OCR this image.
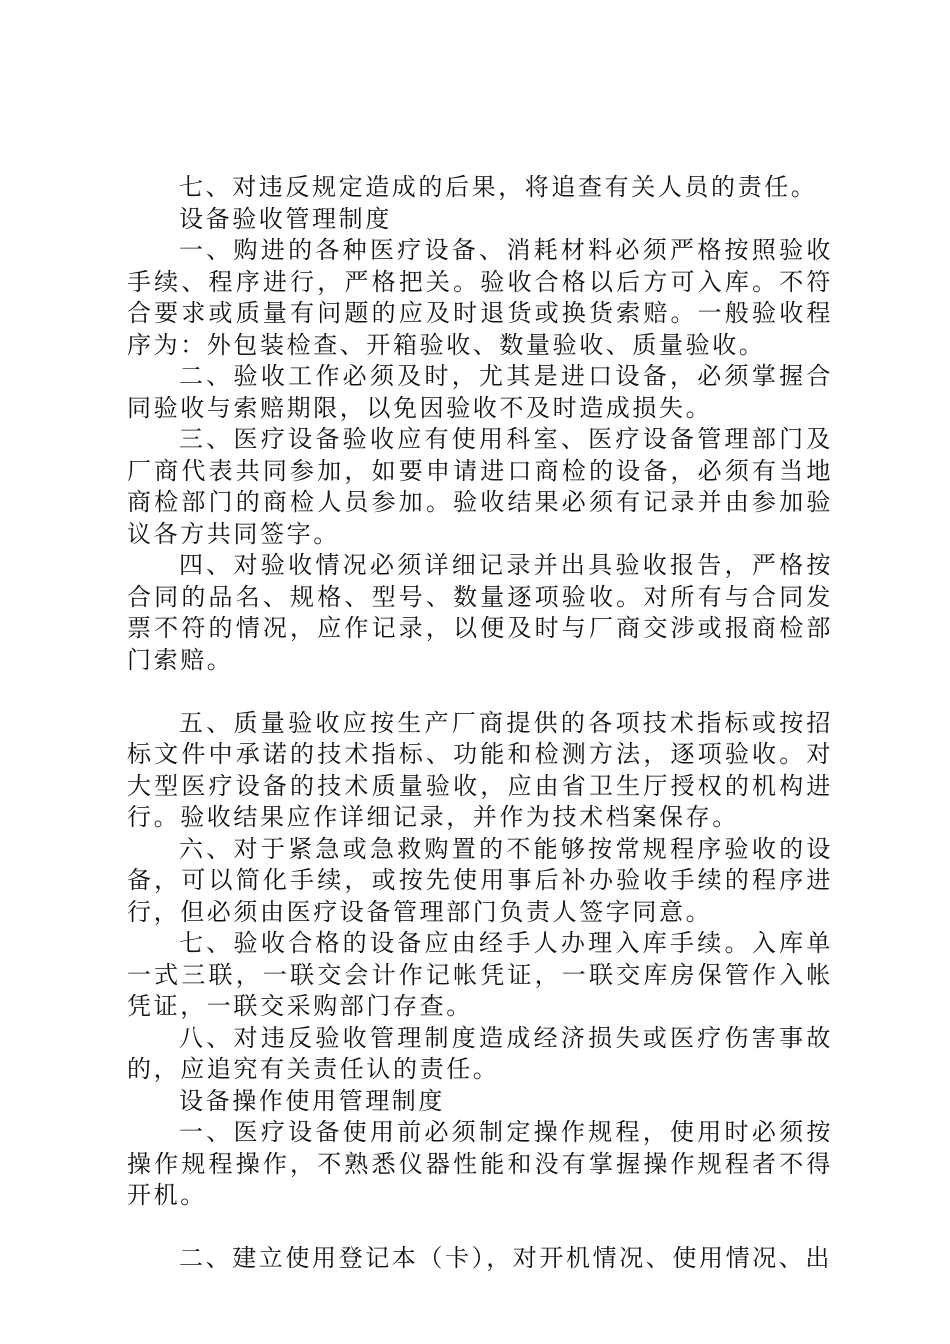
七、对违反规定造成的后果，将追查有关人员的责任。

设备验收管理制度

一、购进的各种医疗设备、消耗材料必须严格按照验收手续、程序进行，严格把关。验收合格以后方可入库。不符合要求或质量有问题的应及时退货或换货索赔。一般验收程序为：外包装检查、开箱验收、数量验收、质量验收。

二、验收工作必须及时，尤其是进口设备，必须掌握合同验收与索赔期限，以免因验收不及时造成损失。

三、医疗设备验收应有使用科室、医疗设备管理部门及厂商代表共同参加，如要申请进口商检的设备，必须有当地商检部门的商检人员参加。验收结果必须有记录并由参加验议各方共同签字。

四、对验收情况必须详细记录并出具验收报告，严格按合同的品名、规格、型号、数量逐项验收。对所有与合同发票不符的情况，应作记录，以便及时与厂商交涉或报商检部门索赔。

五、质量验收应按生产厂商提供的各项技术指标或按招标文件中承诺的技术指标、功能和检测方法，逐项验收。对大型医疗设备的技术质量验收，应由省卫生厅授权的机构进行。验收结果应作详细记录，并作为技术档案保存。

六、对于紧急或急救购置的不能够按常规程序验收的设备，可以简化手续，或按先使用事后补办验收手续的程序进行，但必须由医疗设备管理部门负责人签字同意。

七、验收合格的设备应由经手人办理入库手续。入库单一式三联，一联交会计作记帐凭证，一联交库房保管作入帐凭证，一联交采购部门存查。

八、对违反验收管理制度造成经济损失或医疗伤害事故的，应追究有关责任认的责任。

设备操作使用管理制度

一、医疗设备使用前必须制定操作规程，使用时必须按操作规程操作，不熟悉仪器性能和没有掌握操作规程者不得开机。

二、建立使用登记本（卡），对开机情况、使用情况、出
